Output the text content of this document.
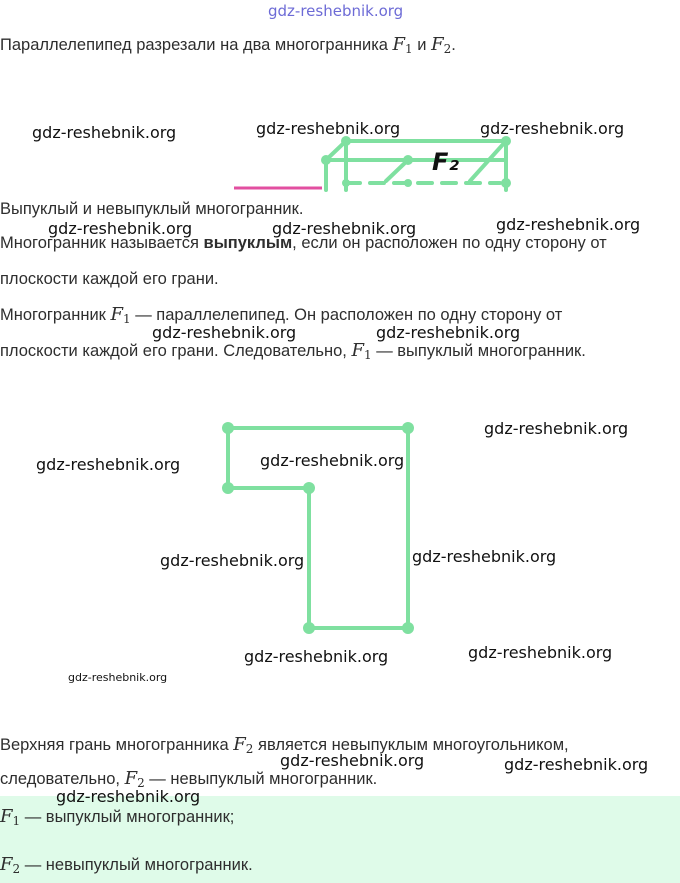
gdz-reshebnik.org
Параллелепипед разрезали на два многогранника $F_1$ и $F_2$.
F₂
Выпуклый и невыпуклый многогранник.
Многогранник называется выпуклым, если он расположен по одну сторону от
плоскости каждой его грани.
Многогранник $F_1$ — параллелепипед. Он расположен по одну сторону от
плоскости каждой его грани. Следовательно, $F_1$ — выпуклый многогранник.
Верхняя грань многогранника $F_2$ является невыпуклым многоугольником,
следовательно, $F_2$ — невыпуклый многогранник.
$F_1$ — выпуклый многогранник;
$F_2$ — невыпуклый многогранник.
gdz-reshebnik.org	gdz-reshebnik.org	gdz-reshebnik.org
gdz-reshebnik.org	gdz-reshebnik.org	gdz-reshebnik.org
gdz-reshebnik.org	gdz-reshebnik.org
gdz-reshebnik.org
gdz-reshebnik.org	gdz-reshebnik.org
gdz-reshebnik.org	gdz-reshebnik.org
gdz-reshebnik.org	gdz-reshebnik.org
gdz-reshebnik.org
gdz-reshebnik.org	gdz-reshebnik.org
gdz-reshebnik.org
